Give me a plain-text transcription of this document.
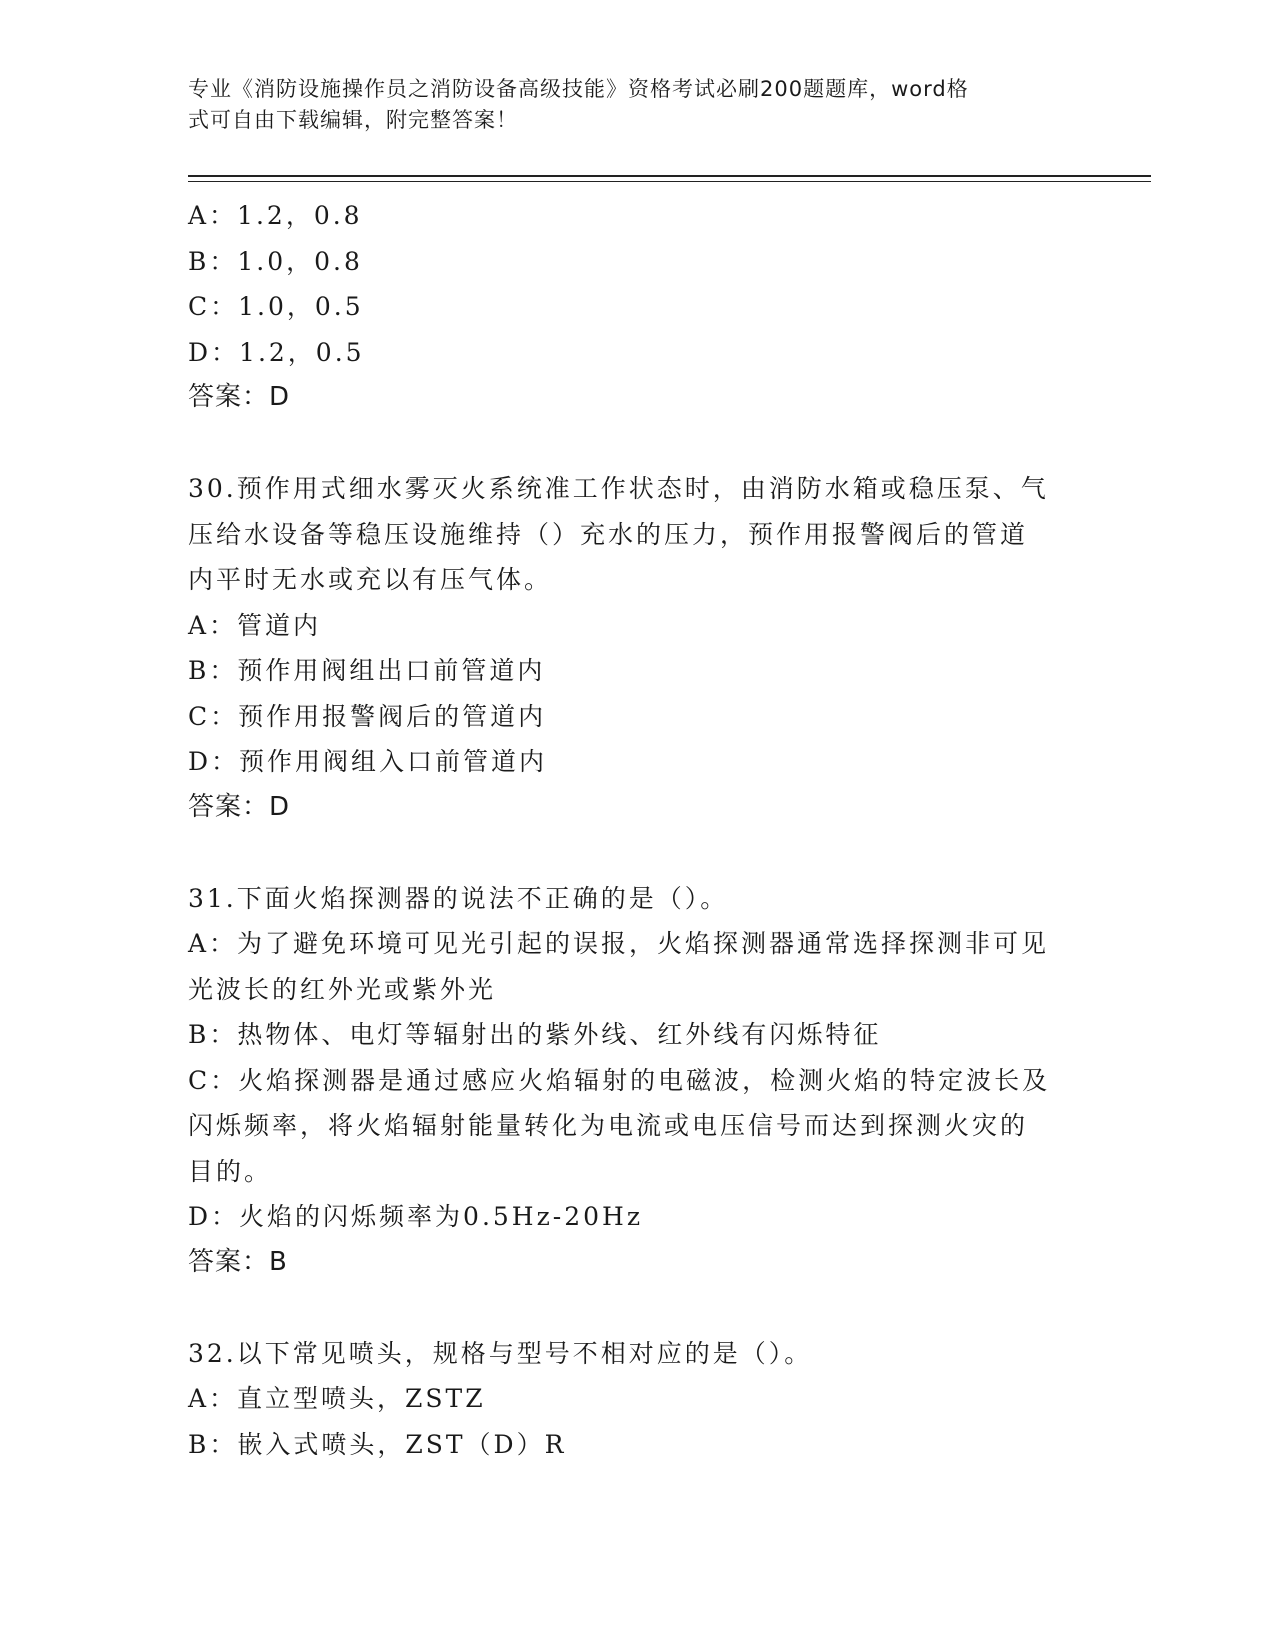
专业《消防设施操作员之消防设备高级技能》资格考试必刷200题题库，word格
式可自由下载编辑，附完整答案！
A：1.2，0.8
B：1.0，0.8
C：1.0，0.5
D：1.2，0.5
答案：D
30.预作用式细水雾灭火系统准工作状态时，由消防水箱或稳压泵、气
压给水设备等稳压设施维持（）充水的压力，预作用报警阀后的管道
内平时无水或充以有压气体。
A：管道内
B：预作用阀组出口前管道内
C：预作用报警阀后的管道内
D：预作用阀组入口前管道内
答案：D
31.下面火焰探测器的说法不正确的是（）。
A：为了避免环境可见光引起的误报，火焰探测器通常选择探测非可见
光波长的红外光或紫外光
B：热物体、电灯等辐射出的紫外线、红外线有闪烁特征
C：火焰探测器是通过感应火焰辐射的电磁波，检测火焰的特定波长及
闪烁频率，将火焰辐射能量转化为电流或电压信号而达到探测火灾的
目的。
D：火焰的闪烁频率为0.5Hz-20Hz
答案：B
32.以下常见喷头，规格与型号不相对应的是（）。
A：直立型喷头，ZSTZ
B：嵌入式喷头，ZST（D）R
